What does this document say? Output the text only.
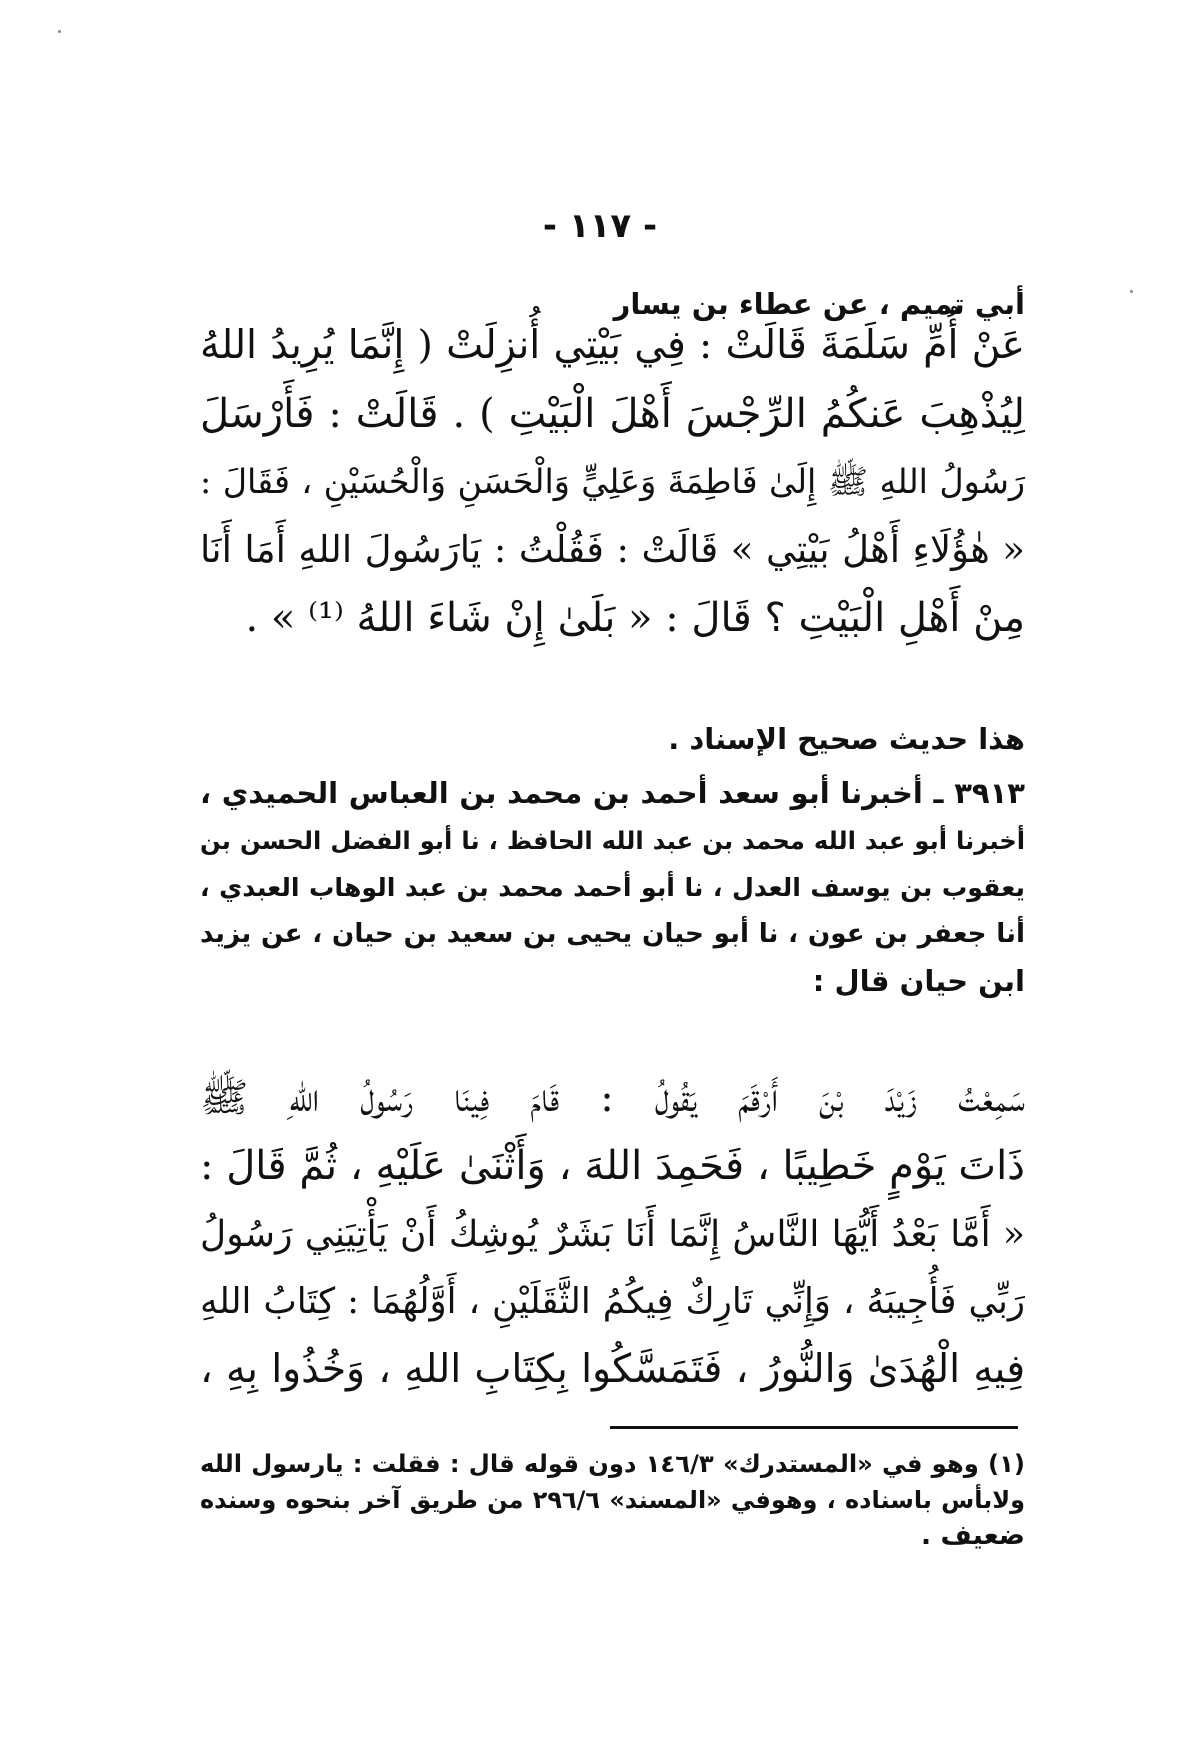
- ١١٧ -
أبي تميم ، عن عطاء بن يسار
عَنْ أُمِّ سَلَمَةَ قَالَتْ : فِي بَيْتِي أُنزِلَتْ ( إِنَّمَا يُرِيدُ اللهُ
لِيُذْهِبَ عَنكُمُ الرِّجْسَ أَهْلَ الْبَيْتِ ) . قَالَتْ : فَأَرْسَلَ
رَسُولُ اللهِ ﷺ إِلَىٰ فَاطِمَةَ وَعَلِيٍّ وَالْحَسَنِ وَالْحُسَيْنِ ، فَقَالَ :
« هٰؤُلَاءِ أَهْلُ بَيْتِي » قَالَتْ : فَقُلْتُ : يَارَسُولَ اللهِ أَمَا أَنَا
مِنْ أَهْلِ الْبَيْتِ ؟ قَالَ : « بَلَىٰ إِنْ شَاءَ اللهُ ⁽¹⁾ » .
هذا حديث صحيح الإسناد .
٣٩١٣ ـ أخبرنا أبو سعد أحمد بن محمد بن العباس الحميدي ،
أخبرنا أبو عبد الله محمد بن عبد الله الحافظ ، نا أبو الفضل الحسن بن
يعقوب بن يوسف العدل ، نا أبو أحمد محمد بن عبد الوهاب العبدي ،
أنا جعفر بن عون ، نا أبو حيان يحيى بن سعيد بن حيان ، عن يزيد
ابن حيان قال :
سَمِعْتُ زَيْدَ بْنَ أَرْقَمَ يَقُولُ : قَامَ فِينَا رَسُولُ اللهِ ﷺ
ذَاتَ يَوْمٍ خَطِيبًا ، فَحَمِدَ اللهَ ، وَأَثْنَىٰ عَلَيْهِ ، ثُمَّ قَالَ :
« أَمَّا بَعْدُ أَيُّهَا النَّاسُ إِنَّمَا أَنَا بَشَرٌ يُوشِكُ أَنْ يَأْتِيَنِي رَسُولُ
رَبِّي فَأُجِيبَهُ ، وَإِنِّي تَارِكٌ فِيكُمُ الثَّقَلَيْنِ ، أَوَّلُهُمَا : كِتَابُ اللهِ
فِيهِ الْهُدَىٰ وَالنُّورُ ، فَتَمَسَّكُوا بِكِتَابِ اللهِ ، وَخُذُوا بِهِ ،
(١) وهو في «المستدرك» ١٤٦/٣ دون قوله قال : فقلت : يارسول الله
ولابأس باسناده ، وهوفي «المسند» ٢٩٦/٦ من طريق آخر بنحوه وسنده
ضعيف .
